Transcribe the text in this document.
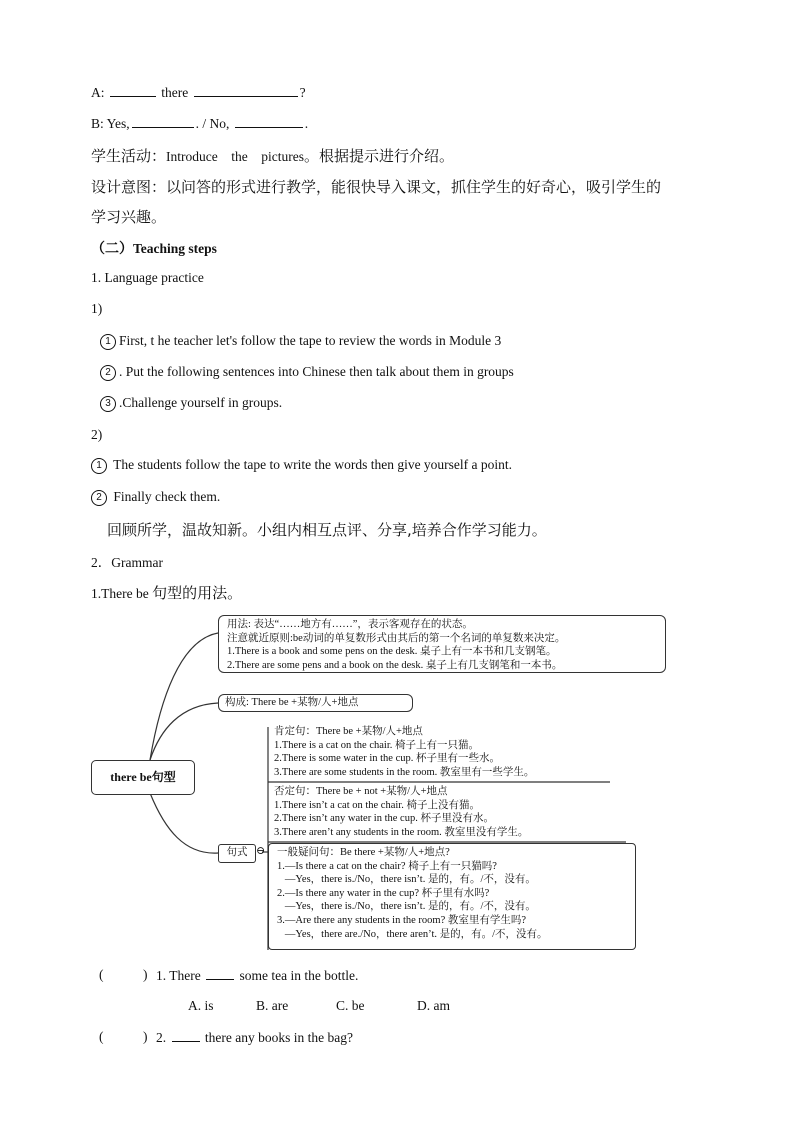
A:	there	?
B: Yes,	. / No,	.
学生活动：Introduce the pictures。根据提示进行介绍。
设计意图：以问答的形式进行教学，能很快导入课文，抓住学生的好奇心，吸引学生的
学习兴趣。
（二）Teaching steps
1. Language practice
1)
1 First, t he teacher let's follow the tape to review the words in Module 3
2 . Put the following sentences into Chinese then talk about them in groups
3 .Challenge yourself in groups.
2)
1 The students follow the tape to write the words then give yourself a point.
2 Finally check them.
回顾所学，温故知新。小组内相互点评、分享,培养合作学习能力。
2．Grammar
1.There be 句型的用法。
there be句型
用法: 表达“……地方有……”，表示客观存在的状态。
注意就近原则:be动词的单复数形式由其后的第一个名词的单复数来决定。
1.There is a book and some pens on the desk. 桌子上有一本书和几支钢笔。
2.There are some pens and a book on the desk. 桌子上有几支钢笔和一本书。
构成: There be +某物/人+地点
句式 ⊖
肯定句：There be +某物/人+地点
1.There is a cat on the chair. 椅子上有一只猫。
2.There is some water in the cup. 杯子里有一些水。
3.There are some students in the room. 教室里有一些学生。
否定句：There be + not +某物/人+地点
1.There isn’t a cat on the chair. 椅子上没有猫。
2.There isn’t any water in the cup. 杯子里没有水。
3.There aren’t any students in the room. 教室里没有学生。
一般疑问句：Be there +某物/人+地点?
1.—Is there a cat on the chair? 椅子上有一只猫吗?
—Yes，there is./No，there isn’t. 是的，有。/不，没有。
2.—Is there any water in the cup? 杯子里有水吗?
—Yes，there is./No，there isn’t. 是的，有。/不，没有。
3.—Are there any students in the room? 教室里有学生吗?
—Yes，there are./No，there aren’t. 是的，有。/不，没有。
(	) 1. There	some tea in the bottle.
A. is	B. are	C. be	D. am
(	) 2.	there any books in the bag?
